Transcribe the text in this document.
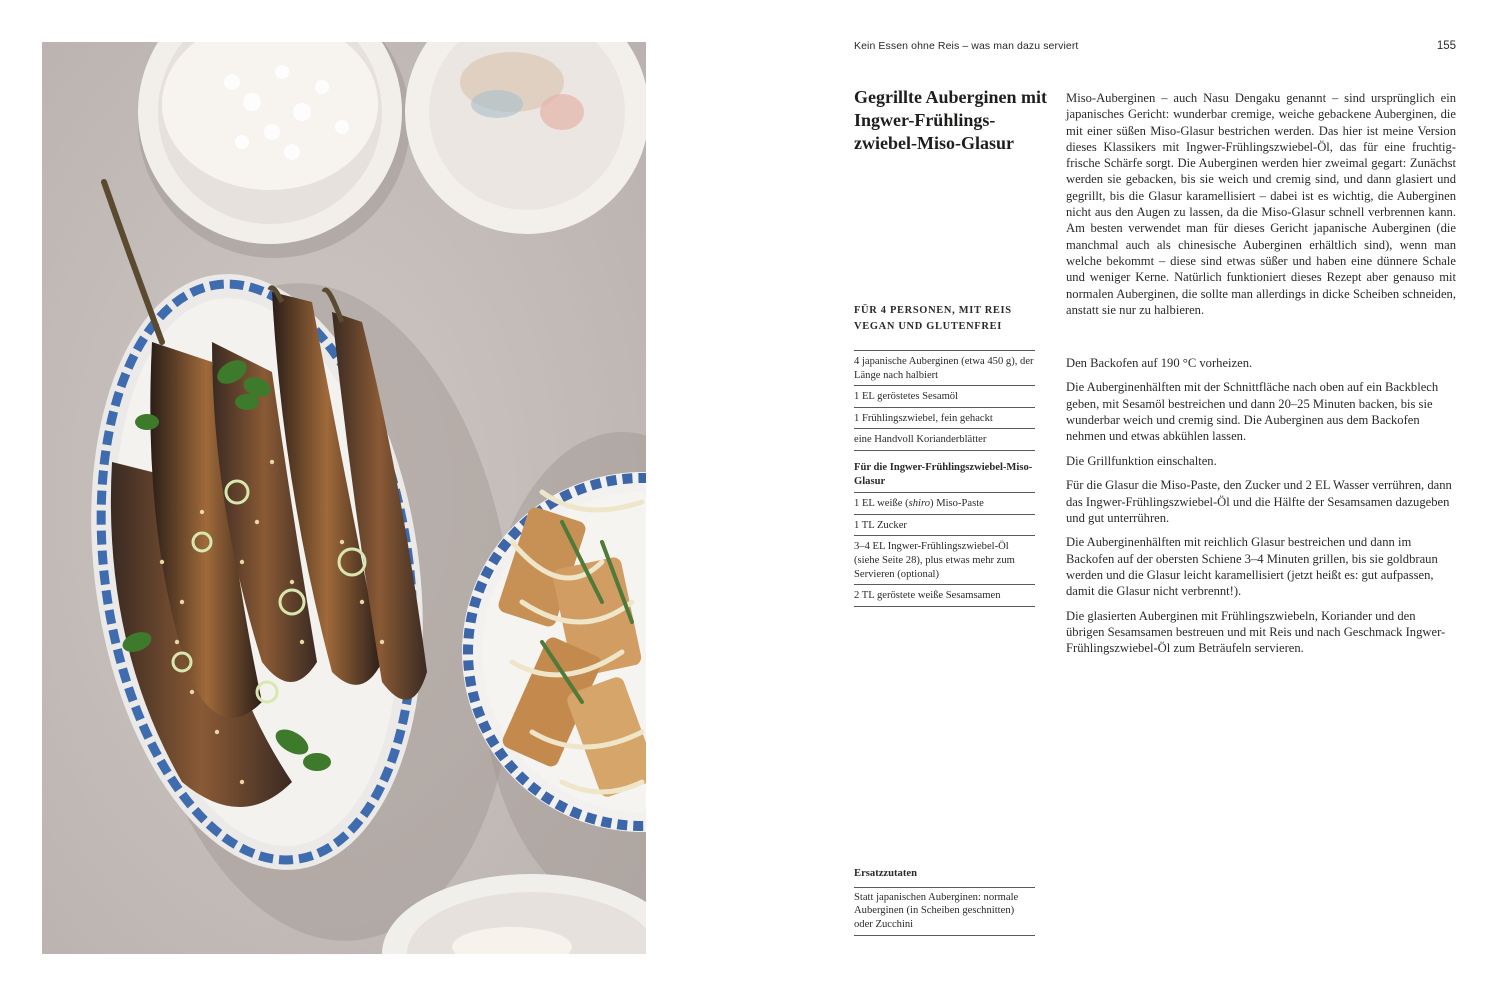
Kein Essen ohne Reis – was man dazu serviert	155
Gegrillte Auberginen mit Ingwer-Frühlings-zwiebel-Miso-Glasur

Miso-Auberginen – auch Nasu Dengaku genannt – sind ursprünglich ein japanisches Gericht: wunderbar cremige, weiche gebackene Auberginen, die mit einer süßen Miso-Glasur bestrichen werden. Das hier ist meine Version dieses Klassikers mit Ingwer-Frühlingszwiebel-Öl, das für eine fruchtig-frische Schärfe sorgt. Die Auberginen werden hier zweimal gegart: Zunächst werden sie gebacken, bis sie weich und cremig sind, und dann glasiert und gegrillt, bis die Glasur karamellisiert – dabei ist es wichtig, die Auberginen nicht aus den Augen zu lassen, da die Miso-Glasur schnell verbrennen kann. Am besten verwendet man für dieses Gericht japanische Auberginen (die manchmal auch als chinesische Auberginen erhältlich sind), wenn man welche bekommt – diese sind etwas süßer und haben eine dünnere Schale und weniger Kerne. Natürlich funktioniert dieses Rezept aber genauso mit normalen Auberginen, die sollte man allerdings in dicke Scheiben schneiden, anstatt sie nur zu halbieren.

FÜR 4 PERSONEN, MIT REIS
VEGAN UND GLUTENFREI
4 japanische Auberginen (etwa 450 g), der Länge nach halbiert
1 EL geröstetes Sesamöl
1 Frühlingszwiebel, fein gehackt
eine Handvoll Korianderblätter
Für die Ingwer-Frühlingszwiebel-Miso-Glasur
1 EL weiße (shiro) Miso-Paste
1 TL Zucker
3–4 EL Ingwer-Frühlingszwiebel-Öl (siehe Seite 28), plus etwas mehr zum Servieren (optional)
2 TL geröstete weiße Sesamsamen

Den Backofen auf 190 °C vorheizen.

Die Auberginenhälften mit der Schnittfläche nach oben auf ein Backblech geben, mit Sesamöl bestreichen und dann 20–25 Minuten backen, bis sie wunderbar weich und cremig sind. Die Auberginen aus dem Backofen nehmen und etwas abkühlen lassen.

Die Grillfunktion einschalten.

Für die Glasur die Miso-Paste, den Zucker und 2 EL Wasser verrühren, dann das Ingwer-Frühlingszwiebel-Öl und die Hälfte der Sesamsamen dazugeben und gut unterrühren.

Die Auberginenhälften mit reichlich Glasur bestreichen und dann im Backofen auf der obersten Schiene 3–4 Minuten grillen, bis sie goldbraun werden und die Glasur leicht karamellisiert (jetzt heißt es: gut aufpassen, damit die Glasur nicht verbrennt!).

Die glasierten Auberginen mit Frühlingszwiebeln, Koriander und den übrigen Sesamsamen bestreuen und mit Reis und nach Geschmack Ingwer-Frühlingszwiebel-Öl zum Beträufeln servieren.

Ersatzzutaten
Statt japanischen Auberginen: normale Auberginen (in Scheiben geschnitten) oder Zucchini
